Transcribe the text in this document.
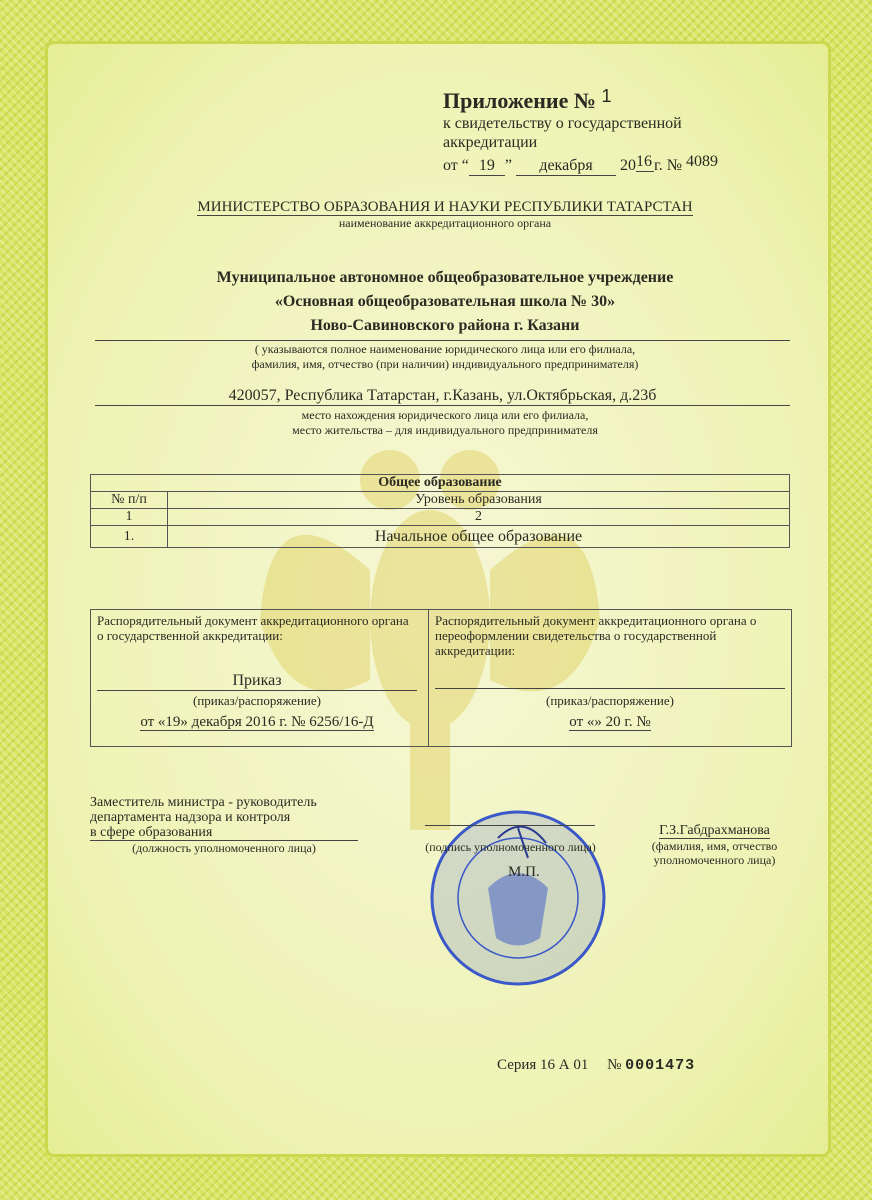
Приложение № $^1$
к свидетельству о государственной
аккредитации
от “ 19 ” декабря 2016 г. № 4089
МИНИСТЕРСТВО ОБРАЗОВАНИЯ И НАУКИ РЕСПУБЛИКИ ТАТАРСТАН
наименование аккредитационного органа
Муниципальное автономное общеобразовательное учреждение
«Основная общеобразовательная школа № 30»
Ново-Савиновского района г. Казани
( указываются полное наименование юридического лица или его филиала,
фамилия, имя, отчество (при наличии) индивидуального предпринимателя)
420057, Республика Татарстан, г.Казань, ул.Октябрьская, д.23б
место нахождения юридического лица или его филиала,
место жительства – для индивидуального предпринимателя
Общее образование	
№ п/п	Уровень образования
1	2
1.	Начальное общее образование
Распорядительный документ аккредитационного органа о государственной аккредитации:
Приказ
(приказ/распоряжение)
от «19» декабря 2016 г. № 6256/16-Д
Распорядительный документ аккредитационного органа о переоформлении свидетельства о государственной аккредитации:
(приказ/распоряжение)
от «» 20 г. №
Заместитель министра - руководитель
департамента надзора и контроля
в сфере образования
(должность уполномоченного лица)	(подпись уполномоченного лица)
М.П.
Г.З.Габдрахманова
(фамилия, имя, отчество
уполномоченного лица)
Серия 16 А 01 № 0001473
